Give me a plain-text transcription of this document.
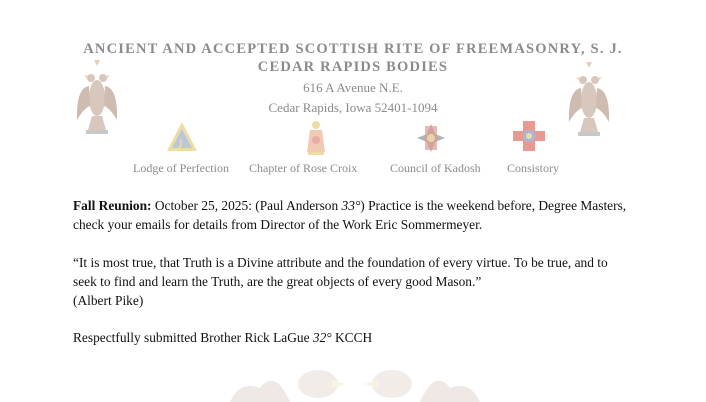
ANCIENT AND ACCEPTED SCOTTISH RITE OF FREEMASONRY, S. J.
CEDAR RAPIDS BODIES
616 A Avenue N.E.
Cedar Rapids, Iowa 52401-1094
J
Lodge of Perfection Chapter of Rose Croix	Council of Kadosh Consistory
Fall Reunion: October 25, 2025: (Paul Anderson 33°) Practice is the weekend before, Degree Masters, check your emails for details from Director of the Work Eric Sommermeyer.
“It is most true, that Truth is a Divine attribute and the foundation of every virtue. To be true, and to seek to find and learn the Truth, are the great objects of every good Mason.”
(Albert Pike)
Respectfully submitted Brother Rick LaGue 32° KCCH
